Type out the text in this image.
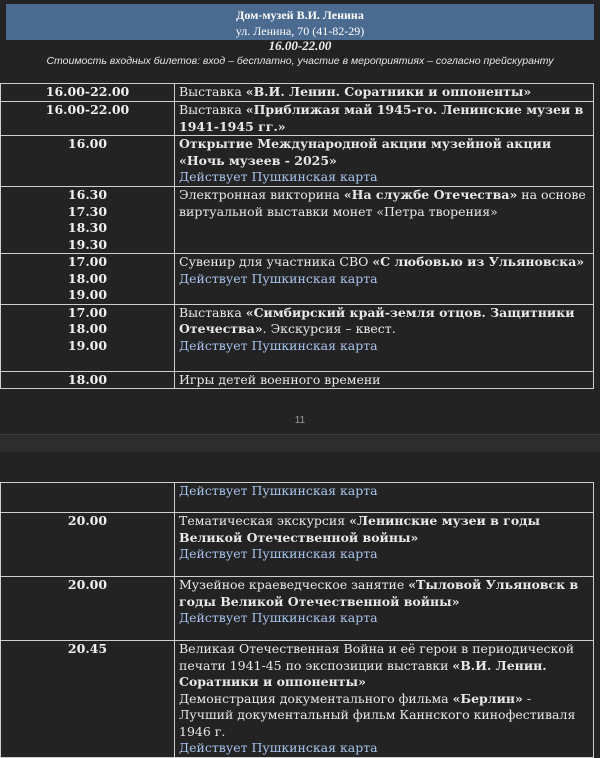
Дом-музей В.И. Ленина
ул. Ленина, 70 (41-82-29)
16.00-22.00
Стоимость входных билетов: вход – бесплатно, участие в мероприятиях – согласно прейскуранту
16.00-22.00	Выставка «В.И. Ленин. Соратники и оппоненты»

16.00-22.00	Выставка «Приближая май 1945-го. Ленинские музеи в 1941-1945 гг.»

16.00	Открытие Международной акции музейной акции «Ночь музеев - 2025»
Действует Пушкинская карта

16.30
17.30
18.30
19.30	Электронная викторина «На службе Отечества» на основе виртуальной выставки монет «Петра творения»

17.00
18.00
19.00	Сувенир для участника СВО «С любовью из Ульяновска»
Действует Пушкинская карта

17.00
18.00
19.00	Выставка «Симбирский край-земля отцов. Защитники Отечества». Экскурсия – квест.
Действует Пушкинская карта

18.00	Игры детей военного времени
11

	Действует Пушкинская карта

20.00	Тематическая экскурсия «Ленинские музеи в годы Великой Отечественной войны»
Действует Пушкинская карта

20.00	Музейное краеведческое занятие «Тыловой Ульяновск в годы Великой Отечественной войны»
Действует Пушкинская карта

20.45	Великая Отечественная Война и её герои в периодической печати 1941-45 по экспозиции выставки «В.И. Ленин. Соратники и оппоненты»
Демонстрация документального фильма «Берлин» - Лучший документальный фильм Каннского кинофестиваля 1946 г.
Действует Пушкинская карта
